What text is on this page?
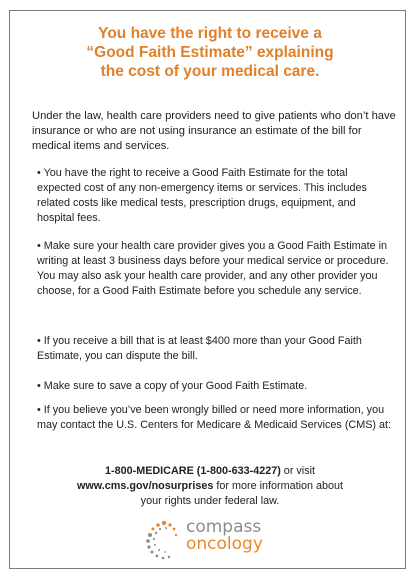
You have the right to receive a
“Good Faith Estimate” explaining
the cost of your medical care.
Under the law, health care providers need to give patients who don’t have insurance or who are not using insurance an estimate of the bill for medical items and services.
• You have the right to receive a Good Faith Estimate for the total expected cost of any non-emergency items or services. This includes related costs like medical tests, prescription drugs, equipment, and hospital fees.
• Make sure your health care provider gives you a Good Faith Estimate in writing at least 3 business days before your medical service or procedure. You may also ask your health care provider, and any other provider you choose, for a Good Faith Estimate before you schedule any service.
• If you receive a bill that is at least $400 more than your Good Faith Estimate, you can dispute the bill.
• Make sure to save a copy of your Good Faith Estimate.
• If you believe you’ve been wrongly billed or need more information, you may contact the U.S. Centers for Medicare & Medicaid Services (CMS) at:
1-800-MEDICARE (1-800-633-4227) or visit
www.cms.gov/nosurprises for more information about
your rights under federal law.
compass
oncology
